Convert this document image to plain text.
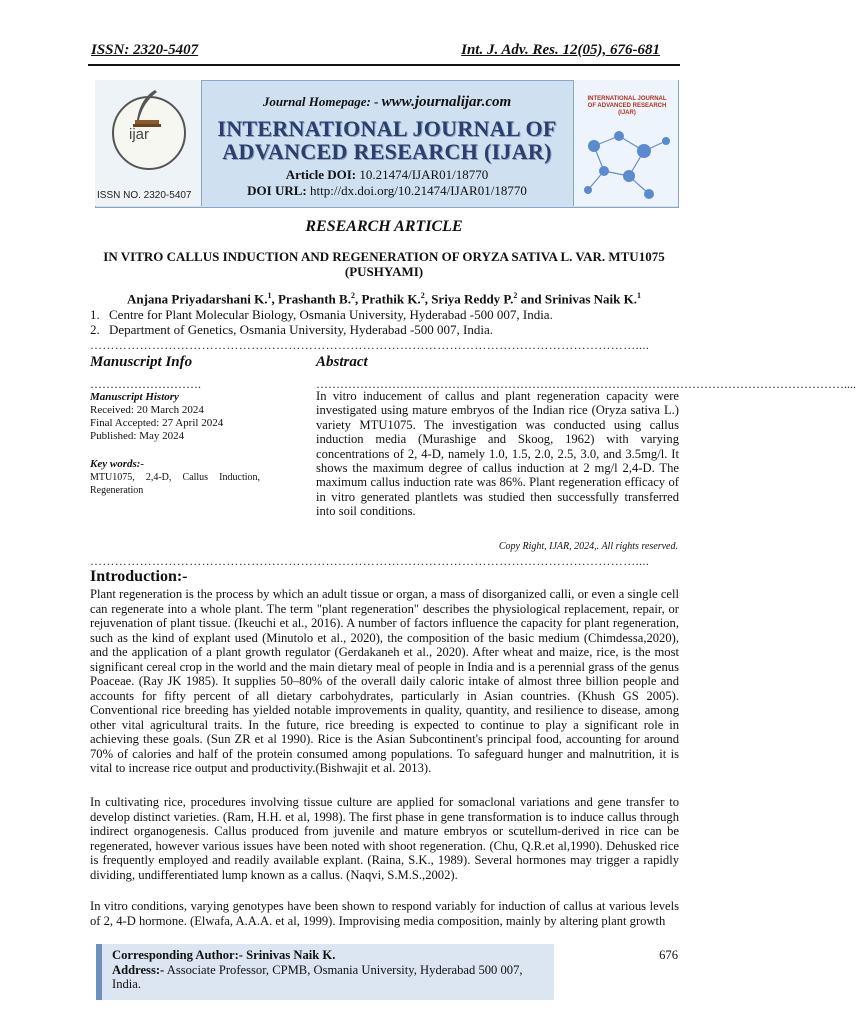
ISSN: 2320-5407	Int. J. Adv. Res. 12(05), 676-681
ijar
ISSN NO. 2320-5407
INTERNATIONAL JOURNAL OF ADVANCED RESEARCH (IJAR)
Journal Homepage: - www.journalijar.com
INTERNATIONAL JOURNAL OF
ADVANCED RESEARCH (IJAR)
Article DOI: 10.21474/IJAR01/18770
DOI URL: http://dx.doi.org/10.21474/IJAR01/18770
RESEARCH ARTICLE
IN VITRO CALLUS INDUCTION AND REGENERATION OF ORYZA SATIVA L. VAR. MTU1075
(PUSHYAMI)
Anjana Priyadarshani K.$^1$, Prashanth B.$^2$, Prathik K.$^2$, Sriya Reddy P.$^2$ and Srinivas Naik K.$^1$
1. Centre for Plant Molecular Biology, Osmania University, Hyderabad -500 007, India.
2. Department of Genetics, Osmania University, Hyderabad -500 007, India.
……………………………………………………………………………………………………………………....
Manuscript Info	Abstract
……………………….	……………………………………………………………………………………………………………………....
Manuscript History
Received: 20 March 2024
Final Accepted: 27 April 2024
Published: May 2024
Key words:-
MTU1075, 2,4-D, Callus Induction, Regeneration
In vitro inducement of callus and plant regeneration capacity were investigated using mature embryos of the Indian rice (Oryza sativa L.) variety MTU1075. The investigation was conducted using callus induction media (Murashige and Skoog, 1962) with varying concentrations of 2, 4-D, namely 1.0, 1.5, 2.0, 2.5, 3.0, and 3.5mg/l. It shows the maximum degree of callus induction at 2 mg/l 2,4-D. The maximum callus induction rate was 86%. Plant regeneration efficacy of in vitro generated plantlets was studied then successfully transferred into soil conditions.
Copy Right, IJAR, 2024,. All rights reserved.
……………………………………………………………………………………………………………………....
Introduction:-
Plant regeneration is the process by which an adult tissue or organ, a mass of disorganized calli, or even a single cell can regenerate into a whole plant. The term "plant regeneration" describes the physiological replacement, repair, or rejuvenation of plant tissue. (Ikeuchi et al., 2016). A number of factors influence the capacity for plant regeneration, such as the kind of explant used (Minutolo et al., 2020), the composition of the basic medium (Chimdessa,2020), and the application of a plant growth regulator (Gerdakaneh et al., 2020). After wheat and maize, rice, is the most significant cereal crop in the world and the main dietary meal of people in India and is a perennial grass of the genus Poaceae. (Ray JK 1985). It supplies 50–80% of the overall daily caloric intake of almost three billion people and accounts for fifty percent of all dietary carbohydrates, particularly in Asian countries. (Khush GS 2005). Conventional rice breeding has yielded notable improvements in quality, quantity, and resilience to disease, among other vital agricultural traits. In the future, rice breeding is expected to continue to play a significant role in achieving these goals. (Sun ZR et al 1990). Rice is the Asian Subcontinent's principal food, accounting for around 70% of calories and half of the protein consumed among populations. To safeguard hunger and malnutrition, it is vital to increase rice output and productivity.(Bishwajit et al. 2013).
In cultivating rice, procedures involving tissue culture are applied for somaclonal variations and gene transfer to develop distinct varieties. (Ram, H.H. et al, 1998). The first phase in gene transformation is to induce callus through indirect organogenesis. Callus produced from juvenile and mature embryos or scutellum-derived in rice can be regenerated, however various issues have been noted with shoot regeneration. (Chu, Q.R.et al,1990). Dehusked rice is frequently employed and readily available explant. (Raina, S.K., 1989). Several hormones may trigger a rapidly dividing, undifferentiated lump known as a callus. (Naqvi, S.M.S.,2002).
In vitro conditions, varying genotypes have been shown to respond variably for induction of callus at various levels of 2, 4-D hormone. (Elwafa, A.A.A. et al, 1999). Improvising media composition, mainly by altering plant growth
Corresponding Author:- Srinivas Naik K.
Address:- Associate Professor, CPMB, Osmania University, Hyderabad 500 007, India.
676
